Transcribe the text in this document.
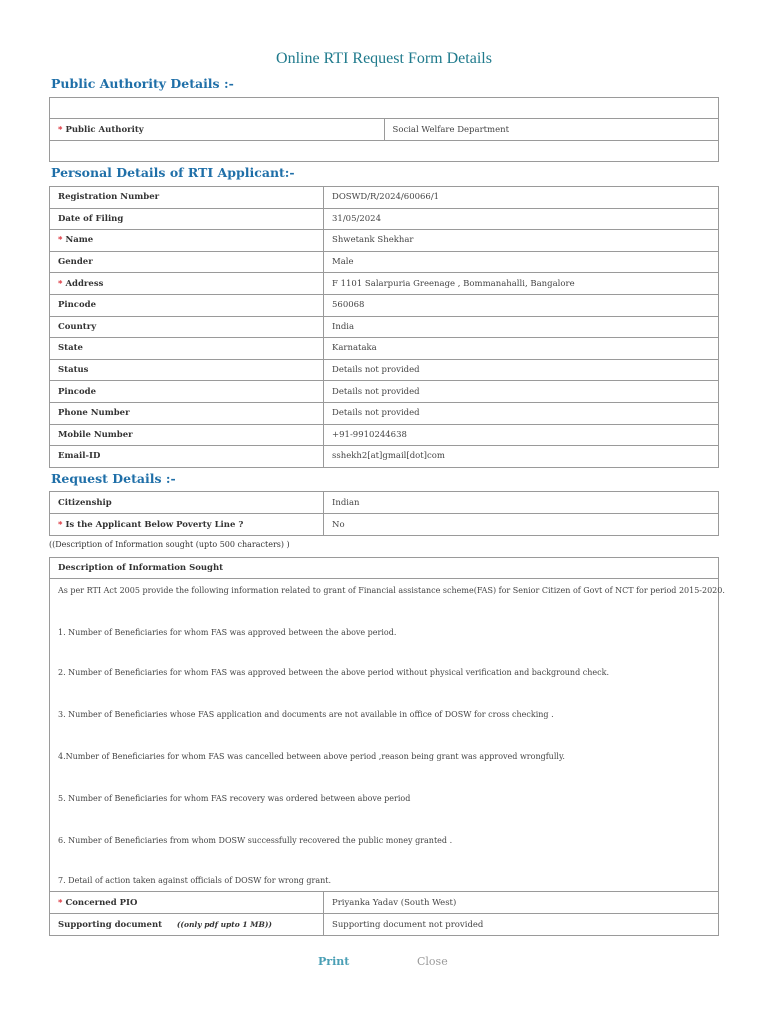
Online RTI Request Form Details
Public Authority Details :-

* Public Authority	Social Welfare Department

Personal Details of RTI Applicant:-
Registration Number	DOSWD/R/2024/60066/1
Date of Filing	31/05/2024
* Name	Shwetank Shekhar
Gender	Male
* Address	F 1101 Salarpuria Greenage , Bommanahalli, Bangalore
Pincode	560068
Country	India
State	Karnataka
Status	Details not provided
Pincode	Details not provided
Phone Number	Details not provided
Mobile Number	+91-9910244638
Email-ID	sshekh2[at]gmail[dot]com
Request Details :-
Citizenship	Indian
* Is the Applicant Below Poverty Line ?	No
((Description of Information sought (upto 500 characters) )
Description of Information Sought
As per RTI Act 2005 provide the following information related to grant of Financial assistance scheme(FAS) for Senior Citizen of Govt of NCT for period 2015-2020.
1. Number of Beneficiaries for whom FAS was approved between the above period.
2. Number of Beneficiaries for whom FAS was approved between the above period without physical verification and background check.
3. Number of Beneficiaries whose FAS application and documents are not available in office of DOSW for cross checking .
4.Number of Beneficiaries for whom FAS was cancelled between above period ,reason being grant was approved wrongfully.
5. Number of Beneficiaries for whom FAS recovery was ordered between above period
6. Number of Beneficiaries from whom DOSW successfully recovered the public money granted .
7. Detail of action taken against officials of DOSW for wrong grant.
* Concerned PIO	Priyanka Yadav (South West)
Supporting document ((only pdf upto 1 MB))	Supporting document not provided
Print	Close
